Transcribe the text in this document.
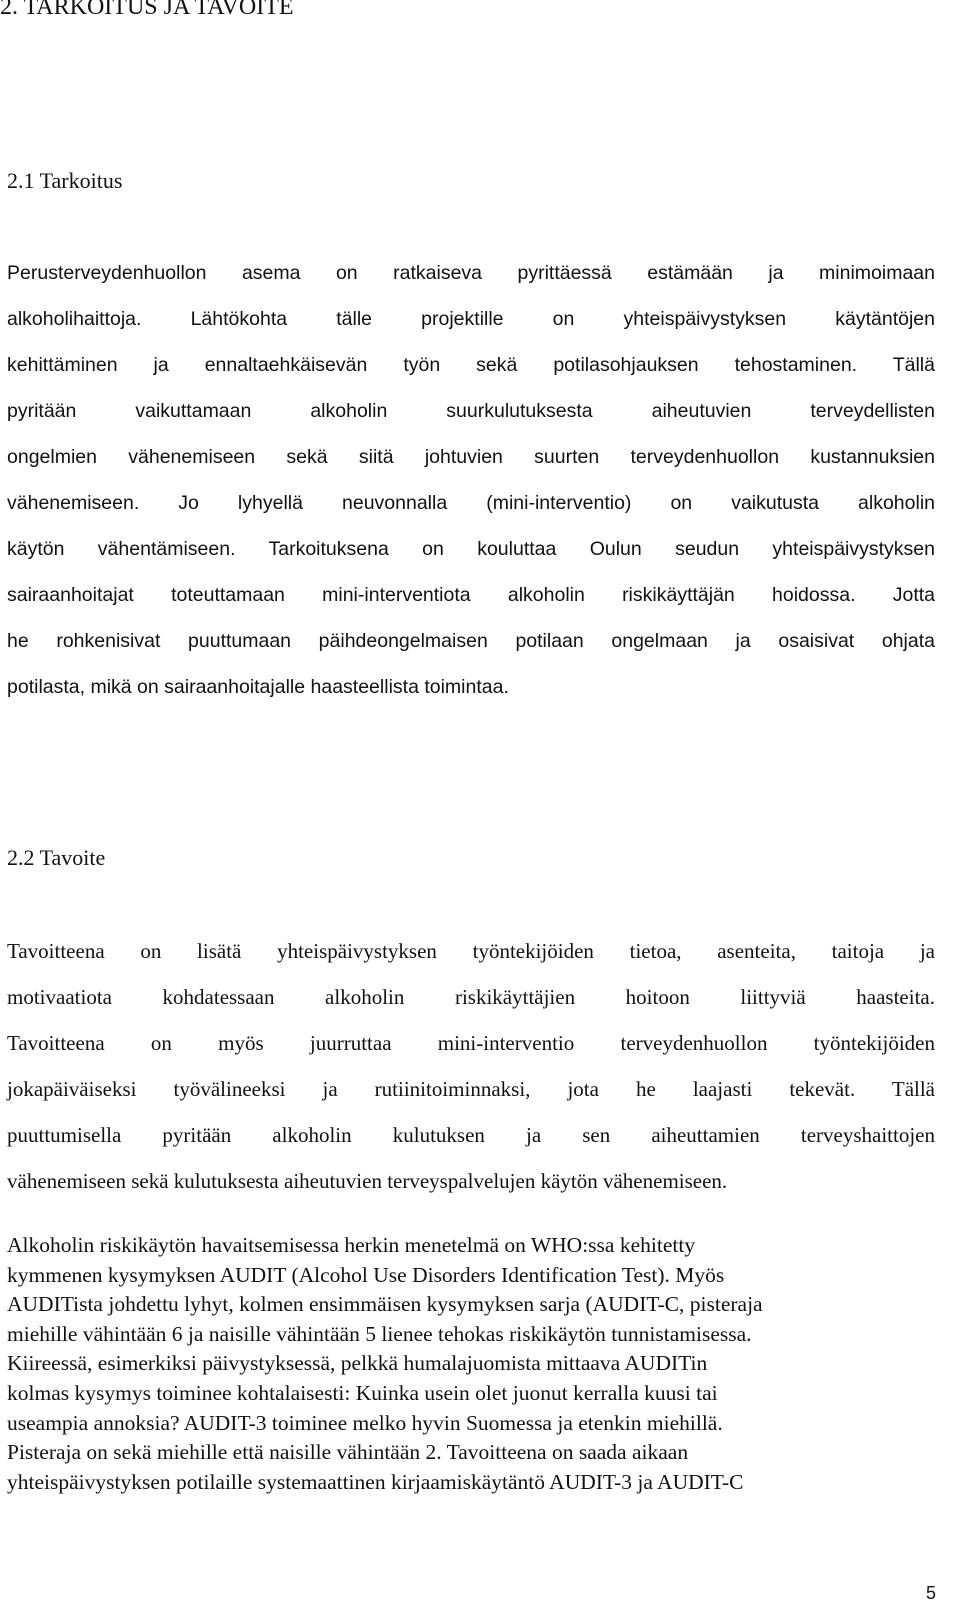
2. TARKOITUS JA TAVOITE
2.1 Tarkoitus

Perusterveydenhuollon asema on ratkaiseva pyrittäessä estämään ja minimoimaan
alkoholihaittoja. Lähtökohta tälle projektille on yhteispäivystyksen käytäntöjen
kehittäminen ja ennaltaehkäisevän työn sekä potilasohjauksen tehostaminen. Tällä
pyritään vaikuttamaan alkoholin suurkulutuksesta aiheutuvien terveydellisten
ongelmien vähenemiseen sekä siitä johtuvien suurten terveydenhuollon kustannuksien
vähenemiseen. Jo lyhyellä neuvonnalla (mini-interventio) on vaikutusta alkoholin
käytön vähentämiseen. Tarkoituksena on kouluttaa Oulun seudun yhteispäivystyksen
sairaanhoitajat toteuttamaan mini-interventiota alkoholin riskikäyttäjän hoidossa. Jotta
he rohkenisivat puuttumaan päihdeongelmaisen potilaan ongelmaan ja osaisivat ohjata
potilasta, mikä on sairaanhoitajalle haasteellista toimintaa.

2.2 Tavoite

Tavoitteena on lisätä yhteispäivystyksen työntekijöiden tietoa, asenteita, taitoja ja
motivaatiota kohdatessaan alkoholin riskikäyttäjien hoitoon liittyviä haasteita.
Tavoitteena on myös juurruttaa mini-interventio terveydenhuollon työntekijöiden
jokapäiväiseksi työvälineeksi ja rutiinitoiminnaksi, jota he laajasti tekevät. Tällä
puuttumisella pyritään alkoholin kulutuksen ja sen aiheuttamien terveyshaittojen
vähenemiseen sekä kulutuksesta aiheutuvien terveyspalvelujen käytön vähenemiseen.

Alkoholin riskikäytön havaitsemisessa herkin menetelmä on WHO:ssa kehitetty
kymmenen kysymyksen AUDIT (Alcohol Use Disorders Identification Test). Myös
AUDITista johdettu lyhyt, kolmen ensimmäisen kysymyksen sarja (AUDIT-C, pisteraja
miehille vähintään 6 ja naisille vähintään 5 lienee tehokas riskikäytön tunnistamisessa.
Kiireessä, esimerkiksi päivystyksessä, pelkkä humalajuomista mittaava AUDITin
kolmas kysymys toiminee kohtalaisesti: Kuinka usein olet juonut kerralla kuusi tai
useampia annoksia? AUDIT-3 toiminee melko hyvin Suomessa ja etenkin miehillä.
Pisteraja on sekä miehille että naisille vähintään 2. Tavoitteena on saada aikaan
yhteispäivystyksen potilaille systemaattinen kirjaamiskäytäntö AUDIT-3 ja AUDIT-C

5
